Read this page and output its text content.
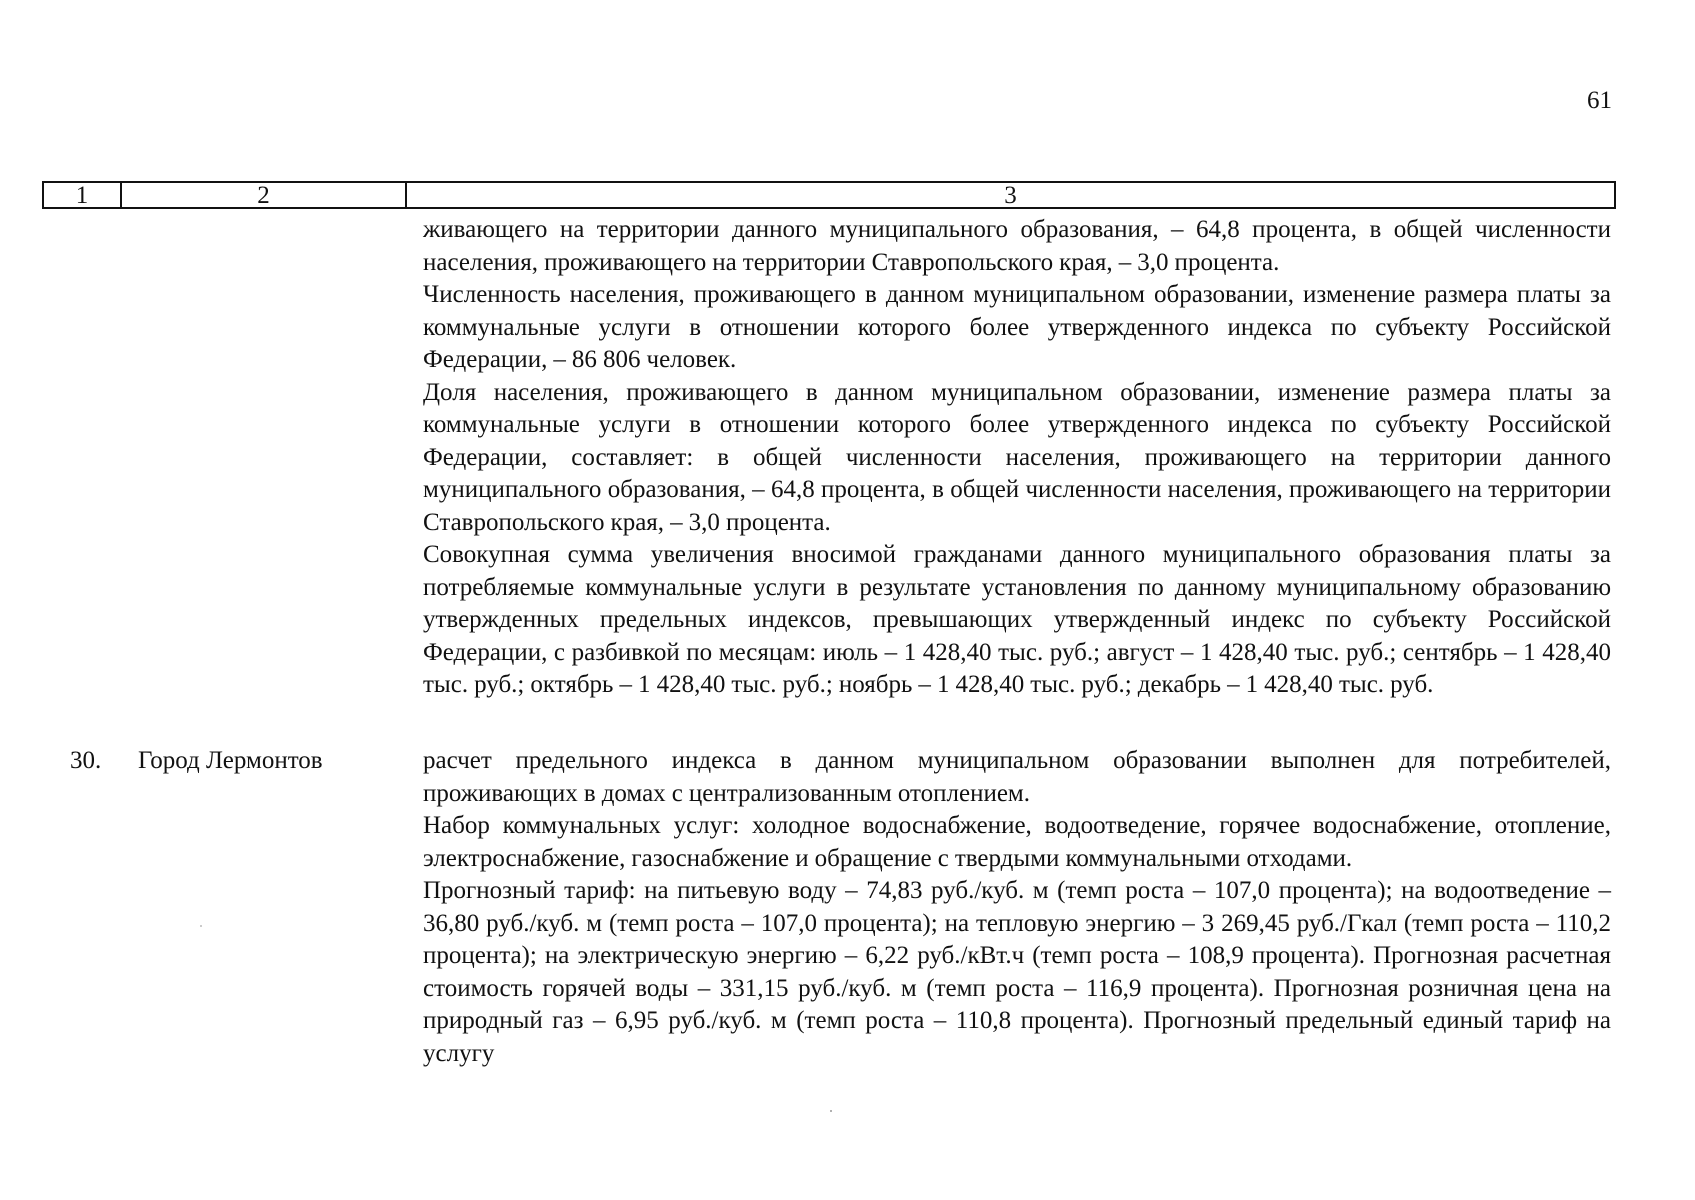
61
1	2	3

живающего на территории данного муниципального образования, – 64,8 процента, в общей численности населения, проживающего на территории Ставропольского края, – 3,0 процента.

Численность населения, проживающего в данном муниципальном образовании, изменение размера платы за коммунальные услуги в отношении которого более утвержденного индекса по субъекту Российской Федерации, – 86 806 человек.

Доля населения, проживающего в данном муниципальном образовании, изменение размера платы за коммунальные услуги в отношении которого более утвержденного индекса по субъекту Российской Федерации, составляет: в общей численности населения, проживающего на территории данного муниципального образования, – 64,8 процента, в общей численности населения, проживающего на территории Ставропольского края, – 3,0 процента.

Совокупная сумма увеличения вносимой гражданами данного муниципального образования платы за потребляемые коммунальные услуги в результате установления по данному муниципальному образованию утвержденных предельных индексов, превышающих утвержденный индекс по субъекту Российской Федерации, с разбивкой по месяцам: июль – 1 428,40 тыс. руб.; август – 1 428,40 тыс. руб.; сентябрь – 1 428,40 тыс. руб.; октябрь – 1 428,40 тыс. руб.; ноябрь – 1 428,40 тыс. руб.; декабрь – 1 428,40 тыс. руб.

30. Город Лермонтов	расчет предельного индекса в данном муниципальном образовании выполнен для потребителей, проживающих в домах с централизованным отоплением.

Набор коммунальных услуг: холодное водоснабжение, водоотведение, горячее водоснабжение, отопление, электроснабжение, газоснабжение и обращение с твердыми коммунальными отходами.

Прогнозный тариф: на питьевую воду – 74,83 руб./куб. м (темп роста – 107,0 процента); на водоотведение – 36,80 руб./куб. м (темп роста – 107,0 процента); на тепловую энергию – 3 269,45 руб./Гкал (темп роста – 110,2 процента); на электрическую энергию – 6,22 руб./кВт.ч (темп роста – 108,9 процента). Прогнозная расчетная стоимость горячей воды – 331,15 руб./куб. м (темп роста – 116,9 процента). Прогнозная розничная цена на природный газ – 6,95 руб./куб. м (темп роста – 110,8 процента). Прогнозный предельный единый тариф на услугу
